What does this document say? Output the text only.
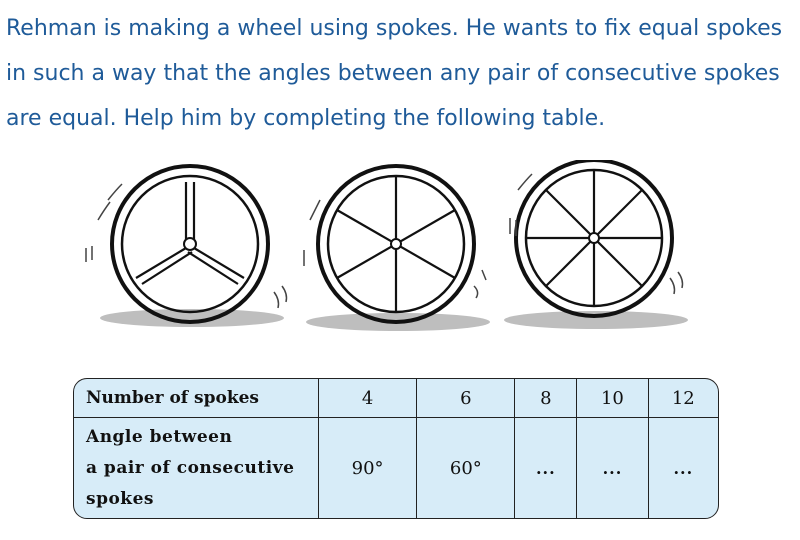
Rehman is making a wheel using spokes. He wants to fix equal spokes
in such a way that the angles between any pair of consecutive spokes
are equal. Help him by completing the following table.
Number of spokes	4	6	8	10	12

Angle between
a pair of consecutive
spokes	90°	60°	...	...	...
